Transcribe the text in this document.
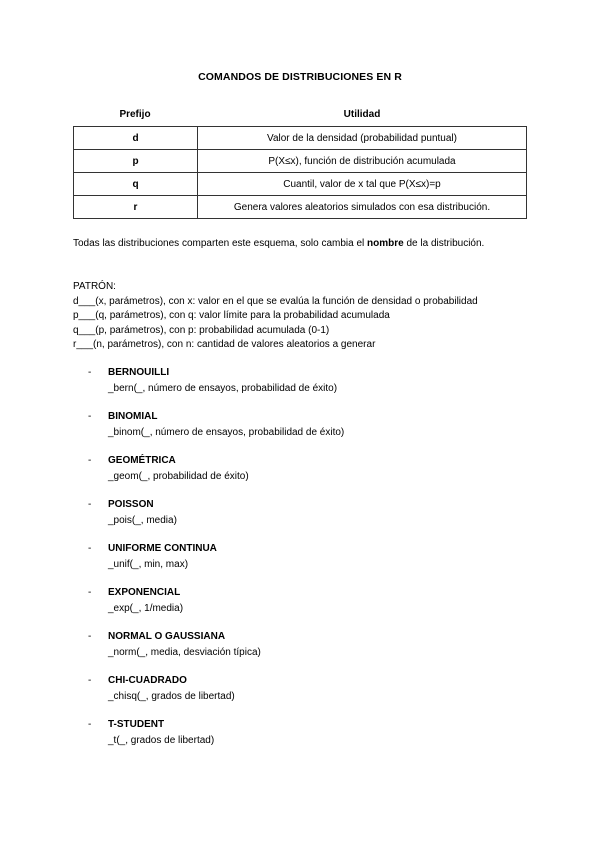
COMANDOS DE DISTRIBUCIONES EN R
Prefijo	Utilidad
d	Valor de la densidad (probabilidad puntual)
p	P(X≤x), función de distribución acumulada
q	Cuantil, valor de x tal que P(X≤x)=p
r	Genera valores aleatorios simulados con esa distribución.
Todas las distribuciones comparten este esquema, solo cambia el nombre de la distribución.
PATRÓN:
d___(x, parámetros), con x: valor en el que se evalúa la función de densidad o probabilidad
p___(q, parámetros), con q: valor límite para la probabilidad acumulada
q___(p, parámetros), con p: probabilidad acumulada (0-1)
r___(n, parámetros), con n: cantidad de valores aleatorios a generar
- BERNOUILLI
_bern(_, número de ensayos, probabilidad de éxito)
- BINOMIAL
_binom(_, número de ensayos, probabilidad de éxito)
- GEOMÉTRICA
_geom(_, probabilidad de éxito)
- POISSON
_pois(_, media)
- UNIFORME CONTINUA
_unif(_, min, max)
- EXPONENCIAL
_exp(_, 1/media)
- NORMAL O GAUSSIANA
_norm(_, media, desviación típica)
- CHI-CUADRADO
_chisq(_, grados de libertad)
- T-STUDENT
_t(_, grados de libertad)
